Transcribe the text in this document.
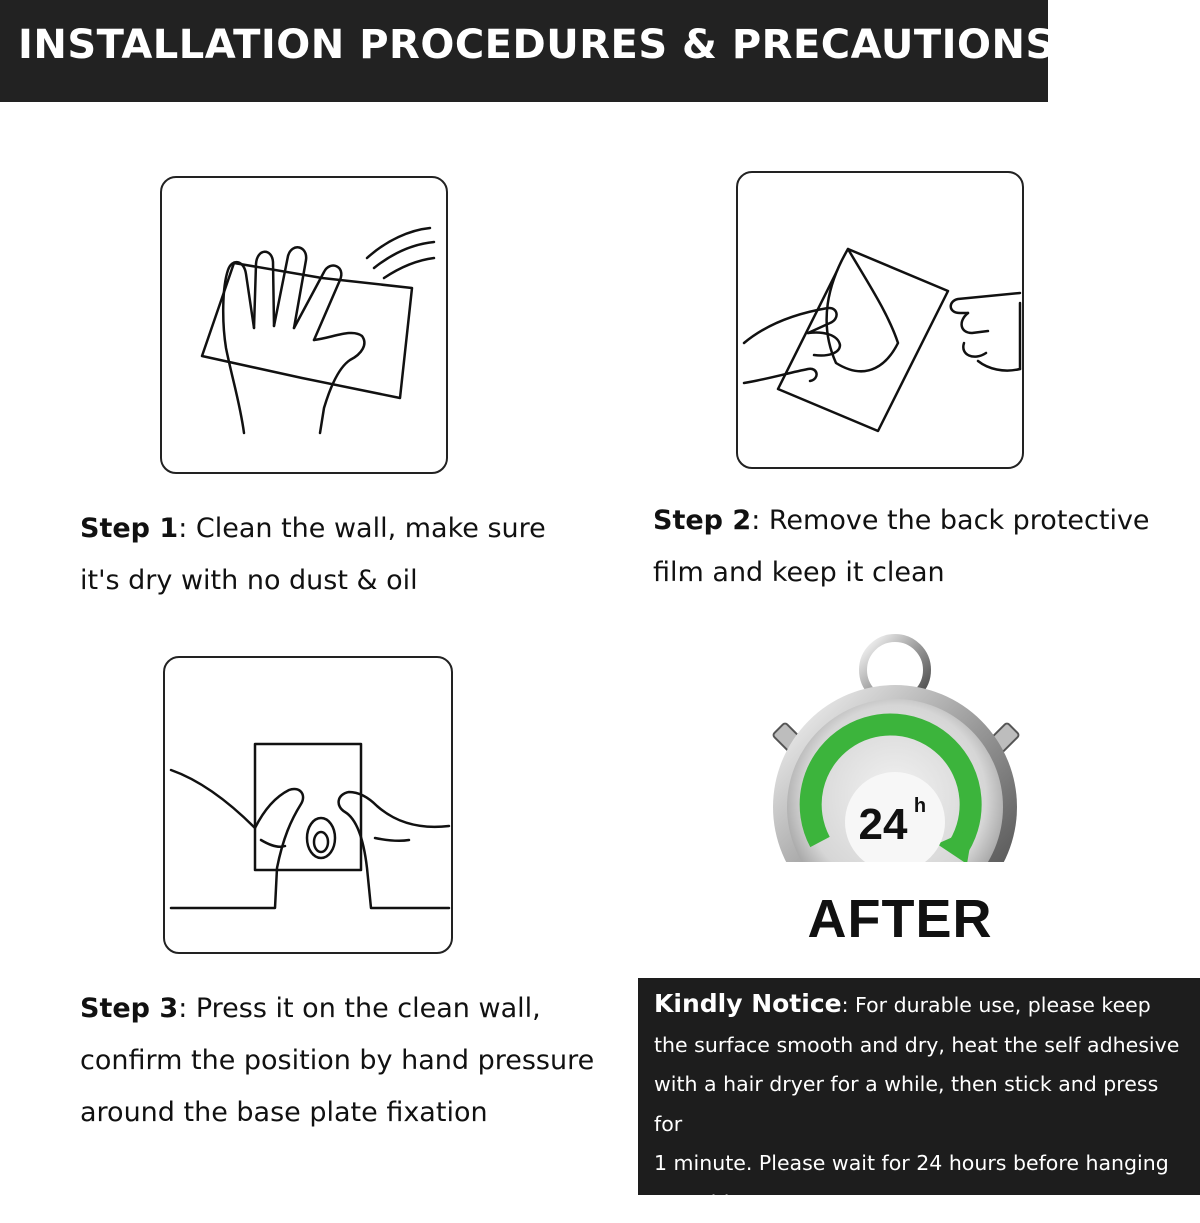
INSTALLATION PROCEDURES & PRECAUTIONS
Step 1: Clean the wall, make sure
it's dry with no dust & oil
Step 2: Remove the back protective
film and keep it clean
Step 3: Press it on the clean wall,
confirm the position by hand pressure
around the base plate fixation
24 h
AFTER
Kindly Notice: For durable use, please keep
the surface smooth and dry, heat the self adhesive
with a hair dryer for a while, then stick and press for
1 minute. Please wait for 24 hours before hanging
any objects
